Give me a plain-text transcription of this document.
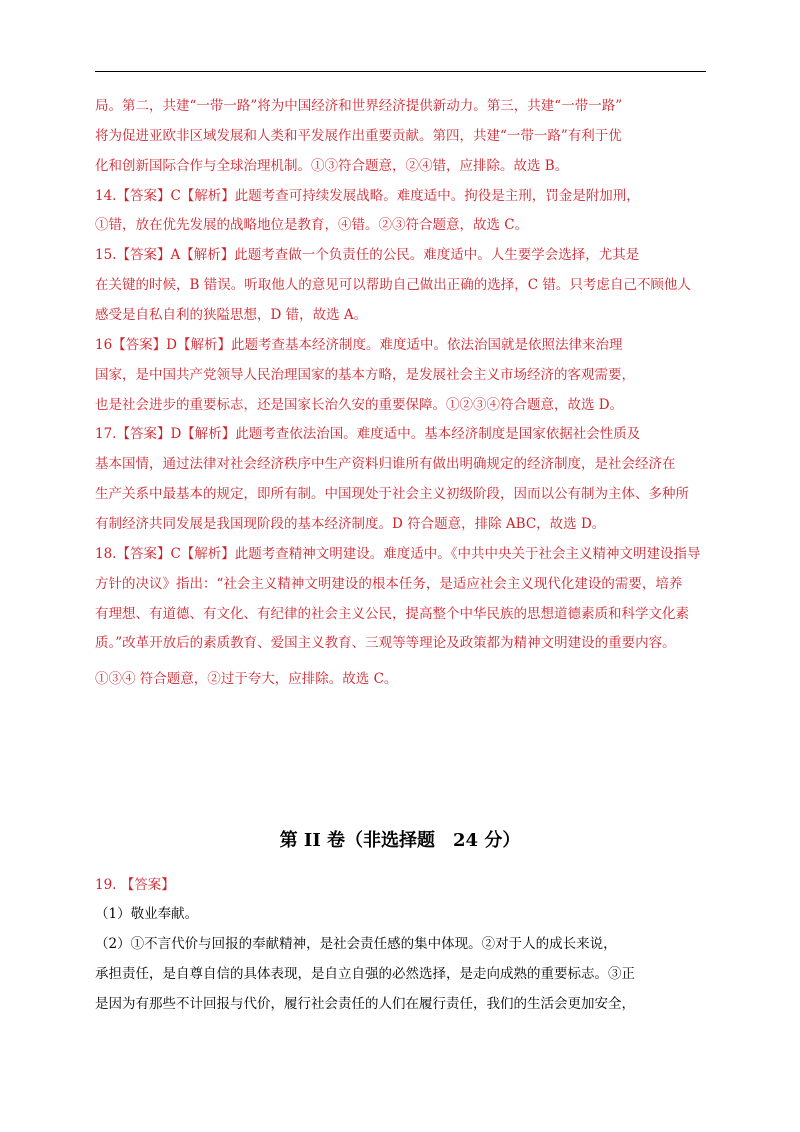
局。第二，共建“一带一路”将为中国经济和世界经济提供新动力。第三，共建“一带一路”
将为促进亚欧非区域发展和人类和平发展作出重要贡献。第四，共建“一带一路”有利于优
化和创新国际合作与全球治理机制。①③符合题意，②④错，应排除。故选 B。
14.【答案】C【解析】此题考查可持续发展战略。难度适中。拘役是主刑，罚金是附加刑，
①错，放在优先发展的战略地位是教育，④错。②③符合题意，故选 C。
15.【答案】A【解析】此题考查做一个负责任的公民。难度适中。人生要学会选择，尤其是
在关键的时候，B 错误。听取他人的意见可以帮助自己做出正确的选择，C 错。只考虑自己不顾他人
感受是自私自利的狭隘思想，D 错，故选 A。
16【答案】D【解析】此题考查基本经济制度。难度适中。依法治国就是依照法律来治理
国家，是中国共产党领导人民治理国家的基本方略，是发展社会主义市场经济的客观需要，
也是社会进步的重要标志，还是国家长治久安的重要保障。①②③④符合题意，故选 D。
17.【答案】D【解析】此题考查依法治国。难度适中。基本经济制度是国家依据社会性质及
基本国情，通过法律对社会经济秩序中生产资料归谁所有做出明确规定的经济制度，是社会经济在
生产关系中最基本的规定，即所有制。中国现处于社会主义初级阶段，因而以公有制为主体、多种所
有制经济共同发展是我国现阶段的基本经济制度。D 符合题意，排除 ABC，故选 D。
18.【答案】C【解析】此题考查精神文明建设。难度适中。《中共中央关于社会主义精神文明建设指导
方针的决议》指出：“社会主义精神文明建设的根本任务，是适应社会主义现代化建设的需要，培养
有理想、有道德、有文化、有纪律的社会主义公民，提高整个中华民族的思想道德素质和科学文化素
质。”改革开放后的素质教育、爱国主义教育、三观等等理论及政策都为精神文明建设的重要内容。
①③④ 符合题意，②过于夸大，应排除。故选 C。
第 II 卷（非选择题　24 分）
19. 【答案】
（1）敬业奉献。
（2）①不言代价与回报的奉献精神，是社会责任感的集中体现。②对于人的成长来说，
承担责任，是自尊自信的具体表现，是自立自强的必然选择，是走向成熟的重要标志。③正
是因为有那些不计回报与代价，履行社会责任的人们在履行责任，我们的生活会更加安全，
